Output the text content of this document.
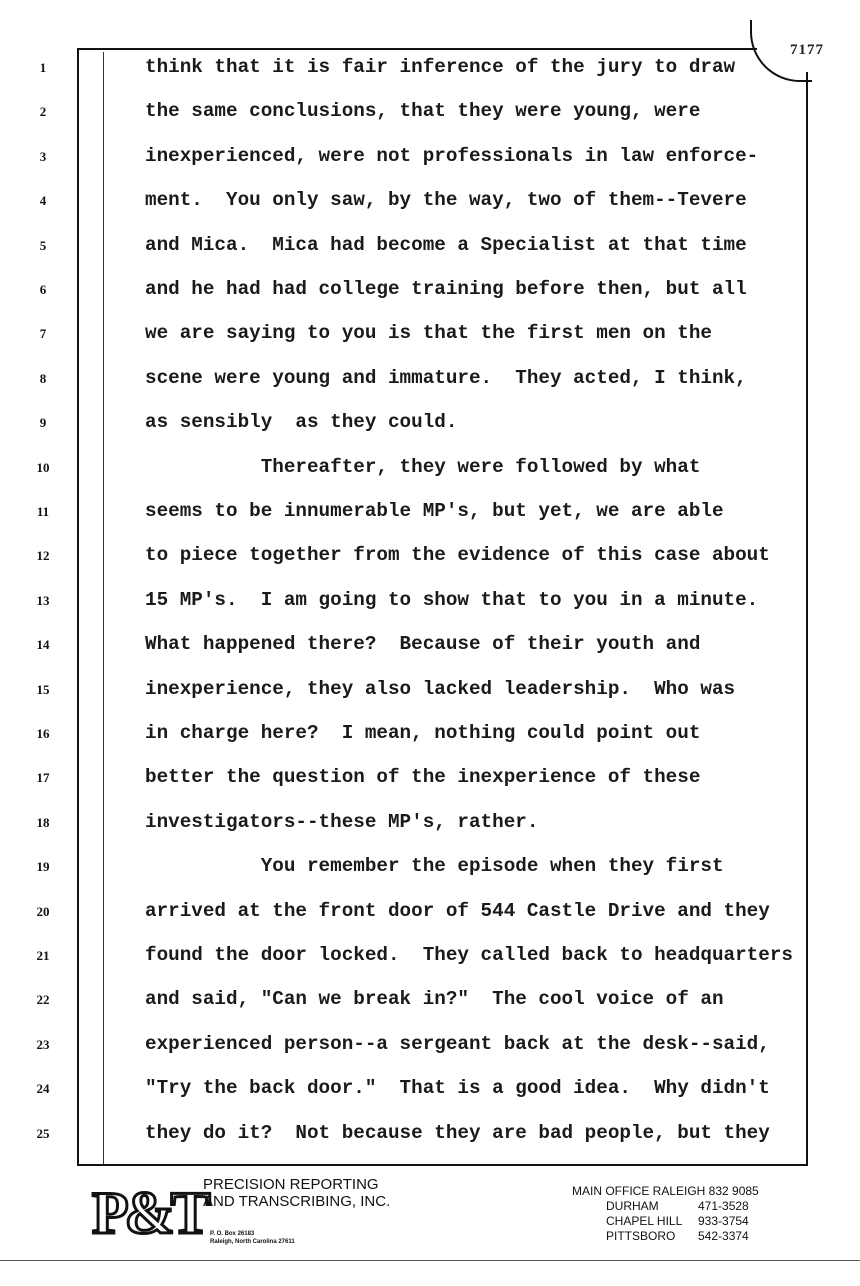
7177
1	think that it is fair inference of the jury to draw
2	the same conclusions, that they were young, were
3	inexperienced, were not professionals in law enforce-
4	ment.  You only saw, by the way, two of them--Tevere
5	and Mica.  Mica had become a Specialist at that time
6	and he had had college training before then, but all
7	we are saying to you is that the first men on the
8	scene were young and immature.  They acted, I think,
9	as sensibly  as they could.
10	Thereafter, they were followed by what
11	seems to be innumerable MP's, but yet, we are able
12	to piece together from the evidence of this case about
13	15 MP's.  I am going to show that to you in a minute.
14	What happened there?  Because of their youth and
15	inexperience, they also lacked leadership.  Who was
16	in charge here?  I mean, nothing could point out
17	better the question of the inexperience of these
18	investigators--these MP's, rather.
19	You remember the episode when they first
20	arrived at the front door of 544 Castle Drive and they
21	found the door locked.  They called back to headquarters
22	and said, "Can we break in?"  The cool voice of an
23	experienced person--a sergeant back at the desk--said,
24	"Try the back door."  That is a good idea.  Why didn't
25	they do it?  Not because they are bad people, but they
P&T
PRECISION REPORTING
AND TRANSCRIBING, INC.
P. O. Box 26183
Raleigh, North Carolina 27611
MAIN OFFICE RALEIGH 832 9085
DURHAM	471-3528
CHAPEL HILL 933-3754
PITTSBORO 542-3374
